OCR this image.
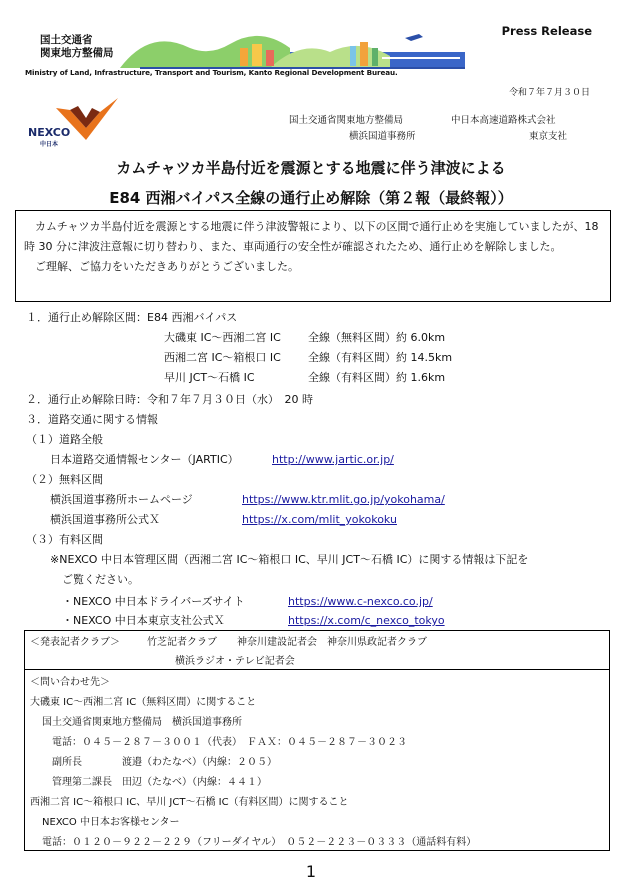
国土交通省
関東地方整備局
Ministry of Land, Infrastructure, Transport and Tourism, Kanto Regional Development Bureau.
Press Release
令和７年７月３０日
NEXCO
中日本
国土交通省関東地方整備局
横浜国道事務所
中日本高速道路株式会社
東京支社
カムチャツカ半島付近を震源とする地震に伴う津波による
E84 西湘バイパス全線の通行止め解除（第２報（最終報））

カムチャツカ半島付近を震源とする地震に伴う津波警報により、以下の区間で通行止めを実施していましたが、18 時 30 分に津波注意報に切り替わり、また、車両通行の安全性が確認されたため、通行止めを解除しました。

ご理解、ご協力をいただきありがとうございました。

１．通行止め解除区間：E84 西湘バイパス
大磯東 IC～西湘二宮 IC 全線（無料区間）約 6.0km
西湘二宮 IC～箱根口 IC 全線（有料区間）約 14.5km
早川 JCT～石橋 IC	全線（有料区間）約 1.6km
２．通行止め解除日時：令和７年７月３０日（水）　20 時
３．道路交通に関する情報
（１）道路全般
日本道路交通情報センター（JARTIC）	http://www.jartic.or.jp/
（２）無料区間
横浜国道事務所ホームページ	https://www.ktr.mlit.go.jp/yokohama/
横浜国道事務所公式Ｘ	https://x.com/mlit_yokokoku
（３）有料区間
※NEXCO 中日本管理区間（西湘二宮 IC～箱根口 IC、早川 JCT～石橋 IC）に関する情報は下記を
ご覧ください。
・NEXCO 中日本ドライバーズサイト	https://www.c-nexco.co.jp/
・NEXCO 中日本東京支社公式Ｘ	https://x.com/c_nexco_tokyo
＜発表記者クラブ＞	竹芝記者クラブ　　神奈川建設記者会　神奈川県政記者クラブ
横浜ラジオ・テレビ記者会
＜問い合わせ先＞
大磯東 IC～西湘二宮 IC（無料区間）に関すること
国土交通省関東地方整備局　横浜国道事務所
電話：０４５－２８７－３００１（代表）　ＦＡＸ：０４５－２８７－３０２３
副所長　　　　渡邉（わたなべ）（内線：２０５）
管理第二課長　田辺（たなべ）（内線：４４１）
西湘二宮 IC～箱根口 IC、早川 JCT～石橋 IC（有料区間）に関すること
NEXCO 中日本お客様センター
電話：０１２０－９２２－２２９（フリーダイヤル）　０５２－２２３－０３３３（通話料有料）
1
